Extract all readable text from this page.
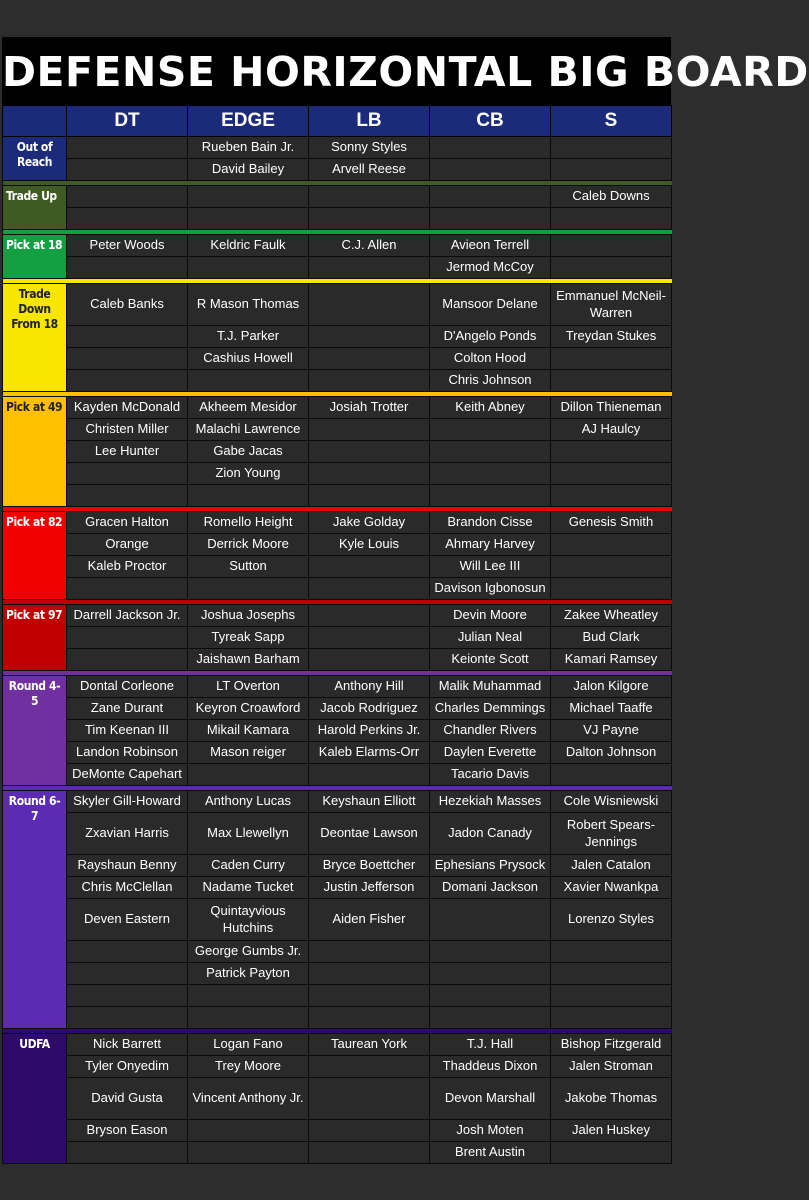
DEFENSE HORIZONTAL BIG BOARD
	DT	EDGE	LB	CB	S
Out of Reach		Rueben Bain Jr.	Sonny Styles		
		David Bailey	Arvell Reese		

Trade Up					Caleb Downs

Pick at 18	Peter Woods	Keldric Faulk	C.J. Allen	Avieon Terrell	
				Jermod McCoy	

Trade Down From 18	Caleb Banks	R Mason Thomas		Mansoor Delane	Emmanuel McNeil-Warren
		T.J. Parker		D'Angelo Ponds	Treydan Stukes
		Cashius Howell		Colton Hood	
				Chris Johnson	

Pick at 49	Kayden McDonald	Akheem Mesidor	Josiah Trotter	Keith Abney	Dillon Thieneman
	Christen Miller	Malachi Lawrence			AJ Haulcy
	Lee Hunter	Gabe Jacas			
		Zion Young			

Pick at 82	Gracen Halton	Romello Height	Jake Golday	Brandon Cisse	Genesis Smith
	Orange	Derrick Moore	Kyle Louis	Ahmary Harvey	
	Kaleb Proctor	Sutton		Will Lee III	
				Davison Igbonosun	

Pick at 97	Darrell Jackson Jr.	Joshua Josephs		Devin Moore	Zakee Wheatley
		Tyreak Sapp		Julian Neal	Bud Clark
		Jaishawn Barham		Keionte Scott	Kamari Ramsey

Round 4-5	Dontal Corleone	LT Overton	Anthony Hill	Malik Muhammad	Jalon Kilgore
	Zane Durant	Keyron Croawford	Jacob Rodriguez	Charles Demmings	Michael Taaffe
	Tim Keenan III	Mikail Kamara	Harold Perkins Jr.	Chandler Rivers	VJ Payne
	Landon Robinson	Mason reiger	Kaleb Elarms-Orr	Daylen Everette	Dalton Johnson
	DeMonte Capehart			Tacario Davis	

Round 6-7	Skyler Gill-Howard	Anthony Lucas	Keyshaun Elliott	Hezekiah Masses	Cole Wisniewski
	Zxavian Harris	Max Llewellyn	Deontae Lawson	Jadon Canady	Robert Spears-Jennings
	Rayshaun Benny	Caden Curry	Bryce Boettcher	Ephesians Prysock	Jalen Catalon
	Chris McClellan	Nadame Tucket	Justin Jefferson	Domani Jackson	Xavier Nwankpa
	Deven Eastern	Quintayvious Hutchins	Aiden Fisher		Lorenzo Styles
		George Gumbs Jr.			
		Patrick Payton			

UDFA	Nick Barrett	Logan Fano	Taurean York	T.J. Hall	Bishop Fitzgerald
	Tyler Onyedim	Trey Moore		Thaddeus Dixon	Jalen Stroman
	David Gusta	Vincent Anthony Jr.		Devon Marshall	Jakobe Thomas
	Bryson Eason			Josh Moten	Jalen Huskey
				Brent Austin	
